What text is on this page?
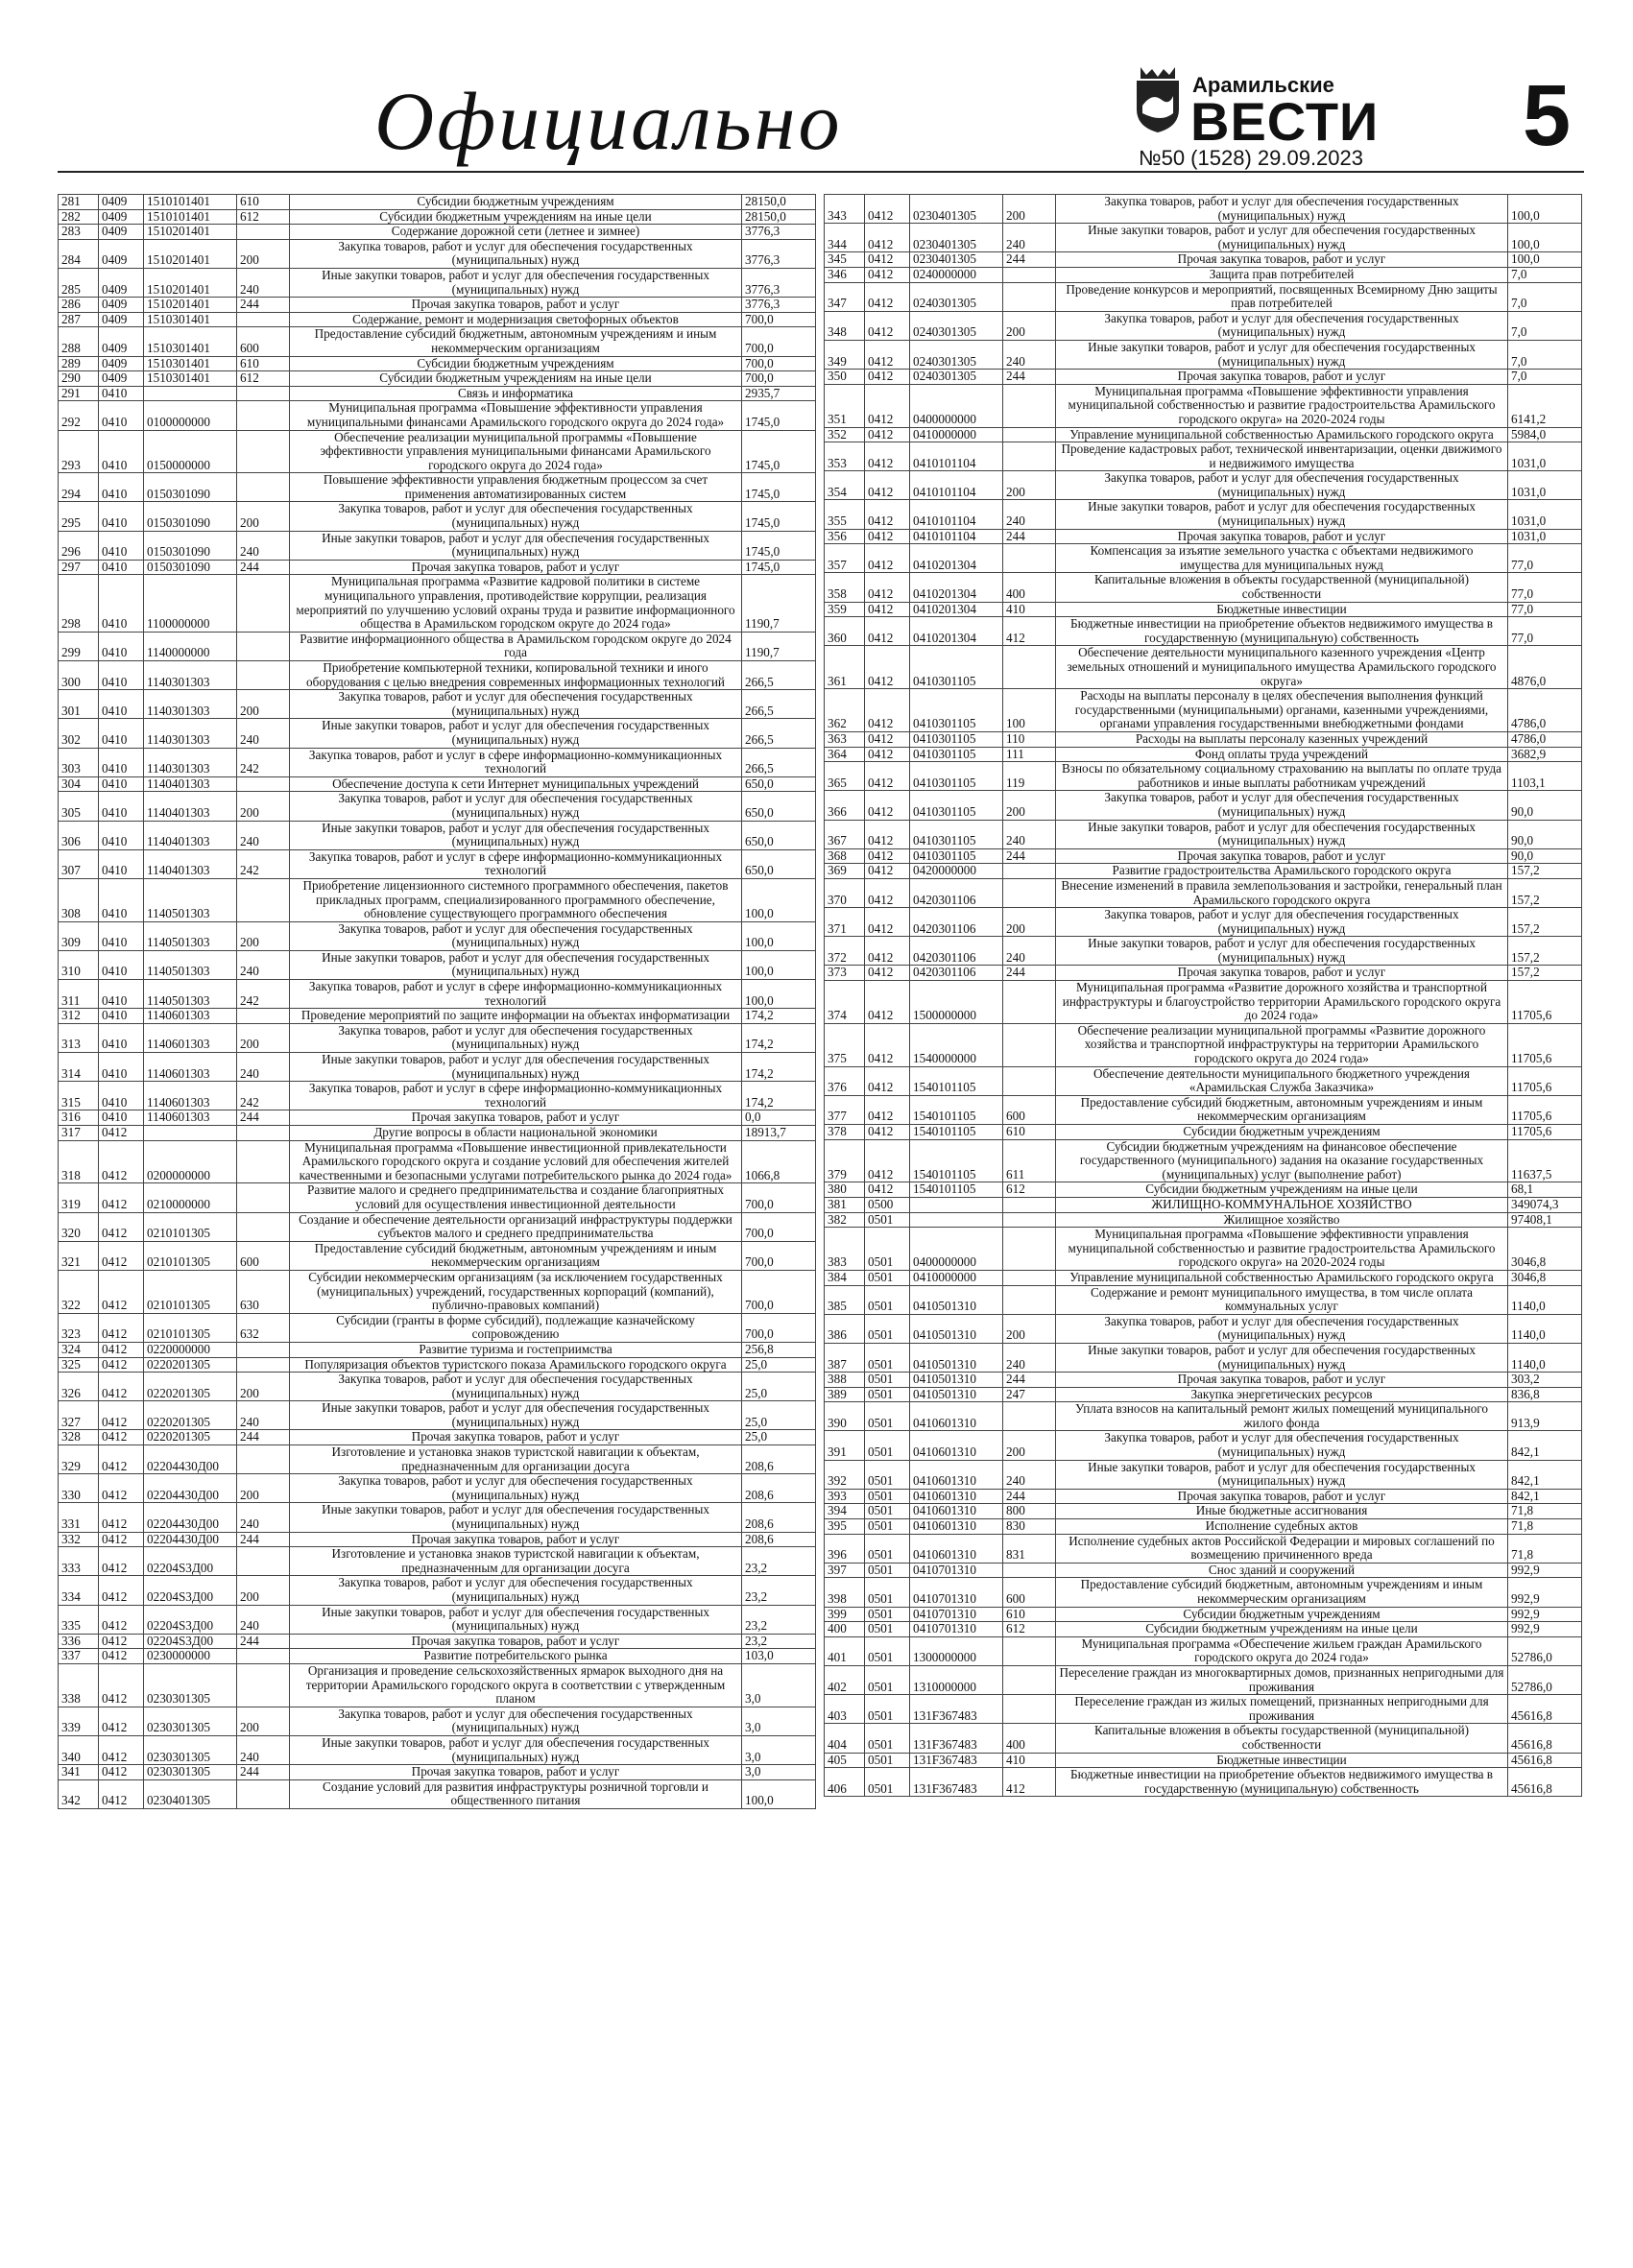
Официально	Арамильские
ВЕСТИ
№50 (1528) 29.09.2023 5
281	0409	1510101401	610	Субсидии бюджетным учреждениям	28150,0
282	0409	1510101401	612	Субсидии бюджетным учреждениям на иные цели	28150,0
283	0409	1510201401		Содержание дорожной сети (летнее и зимнее)	3776,3
284	0409	1510201401	200	Закупка товаров, работ и услуг для обеспечения государственных (муниципальных) нужд	3776,3
285	0409	1510201401	240	Иные закупки товаров, работ и услуг для обеспечения государственных (муниципальных) нужд	3776,3
286	0409	1510201401	244	Прочая закупка товаров, работ и услуг	3776,3
287	0409	1510301401		Содержание, ремонт и модернизация светофорных объектов	700,0
288	0409	1510301401	600	Предоставление субсидий бюджетным, автономным учреждениям и иным некоммерческим организациям	700,0
289	0409	1510301401	610	Субсидии бюджетным учреждениям	700,0
290	0409	1510301401	612	Субсидии бюджетным учреждениям на иные цели	700,0
291	0410			Связь и информатика	2935,7
292	0410	0100000000		Муниципальная программа «Повышение эффективности управления муниципальными финансами Арамильского городского округа до 2024 года»	1745,0
293	0410	0150000000		Обеспечение реализации муниципальной программы «Повышение эффективности управления муниципальными финансами Арамильского городского округа до 2024 года»	1745,0
294	0410	0150301090		Повышение эффективности управления бюджетным процессом за счет применения автоматизированных систем	1745,0
295	0410	0150301090	200	Закупка товаров, работ и услуг для обеспечения государственных (муниципальных) нужд	1745,0
296	0410	0150301090	240	Иные закупки товаров, работ и услуг для обеспечения государственных (муниципальных) нужд	1745,0
297	0410	0150301090	244	Прочая закупка товаров, работ и услуг	1745,0
298	0410	1100000000		Муниципальная программа «Развитие кадровой политики в системе муниципального управления, противодействие коррупции, реализация мероприятий по улучшению условий охраны труда и развитие информационного общества в Арамильском городском округе до 2024 года»	1190,7
299	0410	1140000000		Развитие информационного общества в Арамильском городском округе до 2024 года	1190,7
300	0410	1140301303		Приобретение компьютерной техники, копировальной техники и иного оборудования с целью внедрения современных информационных технологий	266,5
301	0410	1140301303	200	Закупка товаров, работ и услуг для обеспечения государственных (муниципальных) нужд	266,5
302	0410	1140301303	240	Иные закупки товаров, работ и услуг для обеспечения государственных (муниципальных) нужд	266,5
303	0410	1140301303	242	Закупка товаров, работ и услуг в сфере информационно-коммуникационных технологий	266,5
304	0410	1140401303		Обеспечение доступа к сети Интернет муниципальных учреждений	650,0
305	0410	1140401303	200	Закупка товаров, работ и услуг для обеспечения государственных (муниципальных) нужд	650,0
306	0410	1140401303	240	Иные закупки товаров, работ и услуг для обеспечения государственных (муниципальных) нужд	650,0
307	0410	1140401303	242	Закупка товаров, работ и услуг в сфере информационно-коммуникационных технологий	650,0
308	0410	1140501303		Приобретение лицензионного системного программного обеспечения, пакетов прикладных программ, специализированного программного обеспечение, обновление существующего программного обеспечения	100,0
309	0410	1140501303	200	Закупка товаров, работ и услуг для обеспечения государственных (муниципальных) нужд	100,0
310	0410	1140501303	240	Иные закупки товаров, работ и услуг для обеспечения государственных (муниципальных) нужд	100,0
311	0410	1140501303	242	Закупка товаров, работ и услуг в сфере информационно-коммуникационных технологий	100,0
312	0410	1140601303		Проведение мероприятий по защите информации на объектах информатизации	174,2
313	0410	1140601303	200	Закупка товаров, работ и услуг для обеспечения государственных (муниципальных) нужд	174,2
314	0410	1140601303	240	Иные закупки товаров, работ и услуг для обеспечения государственных (муниципальных) нужд	174,2
315	0410	1140601303	242	Закупка товаров, работ и услуг в сфере информационно-коммуникационных технологий	174,2
316	0410	1140601303	244	Прочая закупка товаров, работ и услуг	0,0
317	0412			Другие вопросы в области национальной экономики	18913,7
318	0412	0200000000		Муниципальная программа «Повышение инвестиционной привлекательности Арамильского городского округа и создание условий для обеспечения жителей качественными и безопасными услугами потребительского рынка до 2024 года»	1066,8
319	0412	0210000000		Развитие малого и среднего предпринимательства и создание благоприятных условий для осуществления инвестиционной деятельности	700,0
320	0412	0210101305		Создание и обеспечение деятельности организаций инфраструктуры поддержки субъектов малого и среднего предпринимательства	700,0
321	0412	0210101305	600	Предоставление субсидий бюджетным, автономным учреждениям и иным некоммерческим организациям	700,0
322	0412	0210101305	630	Субсидии некоммерческим организациям (за исключением государственных (муниципальных) учреждений, государственных корпораций (компаний), публично-правовых компаний)	700,0
323	0412	0210101305	632	Субсидии (гранты в форме субсидий), подлежащие казначейскому сопровождению	700,0
324	0412	0220000000		Развитие туризма и гостеприимства	256,8
325	0412	0220201305		Популяризация объектов туристского показа Арамильского городского округа	25,0
326	0412	0220201305	200	Закупка товаров, работ и услуг для обеспечения государственных (муниципальных) нужд	25,0
327	0412	0220201305	240	Иные закупки товаров, работ и услуг для обеспечения государственных (муниципальных) нужд	25,0
328	0412	0220201305	244	Прочая закупка товаров, работ и услуг	25,0
329	0412	02204430Д00		Изготовление и установка знаков туристской навигации к объектам, предназначенным для организации досуга	208,6
330	0412	02204430Д00	200	Закупка товаров, работ и услуг для обеспечения государственных (муниципальных) нужд	208,6
331	0412	02204430Д00	240	Иные закупки товаров, работ и услуг для обеспечения государственных (муниципальных) нужд	208,6
332	0412	02204430Д00	244	Прочая закупка товаров, работ и услуг	208,6
333	0412	02204S3Д00		Изготовление и установка знаков туристской навигации к объектам, предназначенным для организации досуга	23,2
334	0412	02204S3Д00	200	Закупка товаров, работ и услуг для обеспечения государственных (муниципальных) нужд	23,2
335	0412	02204S3Д00	240	Иные закупки товаров, работ и услуг для обеспечения государственных (муниципальных) нужд	23,2
336	0412	02204S3Д00	244	Прочая закупка товаров, работ и услуг	23,2
337	0412	0230000000		Развитие потребительского рынка	103,0
338	0412	0230301305		Организация и проведение сельскохозяйственных ярмарок выходного дня на территории Арамильского городского округа в соответствии с утвержденным планом	3,0
339	0412	0230301305	200	Закупка товаров, работ и услуг для обеспечения государственных (муниципальных) нужд	3,0
340	0412	0230301305	240	Иные закупки товаров, работ и услуг для обеспечения государственных (муниципальных) нужд	3,0
341	0412	0230301305	244	Прочая закупка товаров, работ и услуг	3,0
342	0412	0230401305		Создание условий для развития инфраструктуры розничной торговли и общественного питания	100,0
343	0412	0230401305	200	Закупка товаров, работ и услуг для обеспечения государственных (муниципальных) нужд	100,0
344	0412	0230401305	240	Иные закупки товаров, работ и услуг для обеспечения государственных (муниципальных) нужд	100,0
345	0412	0230401305	244	Прочая закупка товаров, работ и услуг	100,0
346	0412	0240000000		Защита прав потребителей	7,0
347	0412	0240301305		Проведение конкурсов и мероприятий, посвященных Всемирному Дню защиты прав потребителей	7,0
348	0412	0240301305	200	Закупка товаров, работ и услуг для обеспечения государственных (муниципальных) нужд	7,0
349	0412	0240301305	240	Иные закупки товаров, работ и услуг для обеспечения государственных (муниципальных) нужд	7,0
350	0412	0240301305	244	Прочая закупка товаров, работ и услуг	7,0
351	0412	0400000000		Муниципальная программа «Повышение эффективности управления муниципальной собственностью и развитие градостроительства Арамильского городского округа» на 2020-2024 годы	6141,2
352	0412	0410000000		Управление муниципальной собственностью Арамильского городского округа	5984,0
353	0412	0410101104		Проведение кадастровых работ, технической инвентаризации, оценки движимого и недвижимого имущества	1031,0
354	0412	0410101104	200	Закупка товаров, работ и услуг для обеспечения государственных (муниципальных) нужд	1031,0
355	0412	0410101104	240	Иные закупки товаров, работ и услуг для обеспечения государственных (муниципальных) нужд	1031,0
356	0412	0410101104	244	Прочая закупка товаров, работ и услуг	1031,0
357	0412	0410201304		Компенсация за изъятие земельного участка с объектами недвижимого имущества для муниципальных нужд	77,0
358	0412	0410201304	400	Капитальные вложения в объекты государственной (муниципальной) собственности	77,0
359	0412	0410201304	410	Бюджетные инвестиции	77,0
360	0412	0410201304	412	Бюджетные инвестиции на приобретение объектов недвижимого имущества в государственную (муниципальную) собственность	77,0
361	0412	0410301105		Обеспечение деятельности муниципального казенного учреждения «Центр земельных отношений и муниципального имущества Арамильского городского округа»	4876,0
362	0412	0410301105	100	Расходы на выплаты персоналу в целях обеспечения выполнения функций государственными (муниципальными) органами, казенными учреждениями, органами управления государственными внебюджетными фондами	4786,0
363	0412	0410301105	110	Расходы на выплаты персоналу казенных учреждений	4786,0
364	0412	0410301105	111	Фонд оплаты труда учреждений	3682,9
365	0412	0410301105	119	Взносы по обязательному социальному страхованию на выплаты по оплате труда работников и иные выплаты работникам учреждений	1103,1
366	0412	0410301105	200	Закупка товаров, работ и услуг для обеспечения государственных (муниципальных) нужд	90,0
367	0412	0410301105	240	Иные закупки товаров, работ и услуг для обеспечения государственных (муниципальных) нужд	90,0
368	0412	0410301105	244	Прочая закупка товаров, работ и услуг	90,0
369	0412	0420000000		Развитие градостроительства Арамильского городского округа	157,2
370	0412	0420301106		Внесение изменений в правила землепользования и застройки, генеральный план Арамильского городского округа	157,2
371	0412	0420301106	200	Закупка товаров, работ и услуг для обеспечения государственных (муниципальных) нужд	157,2
372	0412	0420301106	240	Иные закупки товаров, работ и услуг для обеспечения государственных (муниципальных) нужд	157,2
373	0412	0420301106	244	Прочая закупка товаров, работ и услуг	157,2
374	0412	1500000000		Муниципальная программа «Развитие дорожного хозяйства и транспортной инфраструктуры и благоустройство территории Арамильского городского округа до 2024 года»	11705,6
375	0412	1540000000		Обеспечение реализации муниципальной программы «Развитие дорожного хозяйства и транспортной инфраструктуры на территории Арамильского городского округа до 2024 года»	11705,6
376	0412	1540101105		Обеспечение деятельности муниципального бюджетного учреждения «Арамильская Служба Заказчика»	11705,6
377	0412	1540101105	600	Предоставление субсидий бюджетным, автономным учреждениям и иным некоммерческим организациям	11705,6
378	0412	1540101105	610	Субсидии бюджетным учреждениям	11705,6
379	0412	1540101105	611	Субсидии бюджетным учреждениям на финансовое обеспечение государственного (муниципального) задания на оказание государственных (муниципальных) услуг (выполнение работ)	11637,5
380	0412	1540101105	612	Субсидии бюджетным учреждениям на иные цели	68,1
381	0500			ЖИЛИЩНО-КОММУНАЛЬНОЕ ХОЗЯЙСТВО	349074,3
382	0501			Жилищное хозяйство	97408,1
383	0501	0400000000		Муниципальная программа «Повышение эффективности управления муниципальной собственностью и развитие градостроительства Арамильского городского округа» на 2020-2024 годы	3046,8
384	0501	0410000000		Управление муниципальной собственностью Арамильского городского округа	3046,8
385	0501	0410501310		Содержание и ремонт муниципального имущества, в том числе оплата коммунальных услуг	1140,0
386	0501	0410501310	200	Закупка товаров, работ и услуг для обеспечения государственных (муниципальных) нужд	1140,0
387	0501	0410501310	240	Иные закупки товаров, работ и услуг для обеспечения государственных (муниципальных) нужд	1140,0
388	0501	0410501310	244	Прочая закупка товаров, работ и услуг	303,2
389	0501	0410501310	247	Закупка энергетических ресурсов	836,8
390	0501	0410601310		Уплата взносов на капитальный ремонт жилых помещений муниципального жилого фонда	913,9
391	0501	0410601310	200	Закупка товаров, работ и услуг для обеспечения государственных (муниципальных) нужд	842,1
392	0501	0410601310	240	Иные закупки товаров, работ и услуг для обеспечения государственных (муниципальных) нужд	842,1
393	0501	0410601310	244	Прочая закупка товаров, работ и услуг	842,1
394	0501	0410601310	800	Иные бюджетные ассигнования	71,8
395	0501	0410601310	830	Исполнение судебных актов	71,8
396	0501	0410601310	831	Исполнение судебных актов Российской Федерации и мировых соглашений по возмещению причиненного вреда	71,8
397	0501	0410701310		Снос зданий и сооружений	992,9
398	0501	0410701310	600	Предоставление субсидий бюджетным, автономным учреждениям и иным некоммерческим организациям	992,9
399	0501	0410701310	610	Субсидии бюджетным учреждениям	992,9
400	0501	0410701310	612	Субсидии бюджетным учреждениям на иные цели	992,9
401	0501	1300000000		Муниципальная программа «Обеспечение жильем граждан Арамильского городского округа до 2024 года»	52786,0
402	0501	1310000000		Переселение граждан из многоквартирных домов, признанных непригодными для проживания	52786,0
403	0501	131F367483		Переселение граждан из жилых помещений, признанных непригодными для проживания	45616,8
404	0501	131F367483	400	Капитальные вложения в объекты государственной (муниципальной) собственности	45616,8
405	0501	131F367483	410	Бюджетные инвестиции	45616,8
406	0501	131F367483	412	Бюджетные инвестиции на приобретение объектов недвижимого имущества в государственную (муниципальную) собственность	45616,8
